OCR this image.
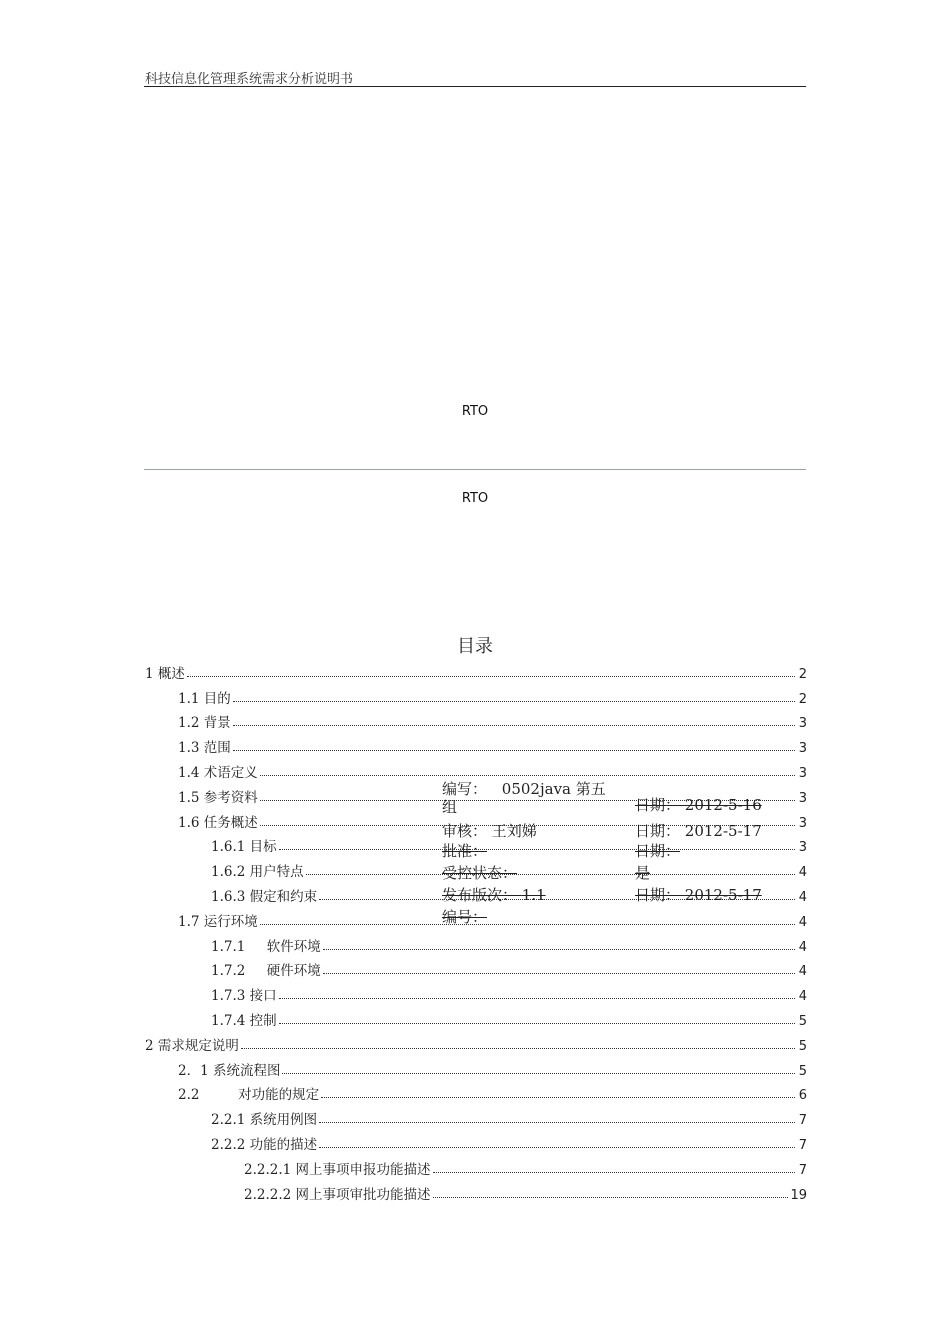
科技信息化管理系统需求分析说明书
RTO
RTO
目录
1 概述	2
1.1 目的	2
1.2 背景	3
1.3 范围	3
1.4 术语定义	3
1.5 参考资料	3
1.6 任务概述	3
1.6.1 目标	3
1.6.2 用户特点	4
1.6.3 假定和约束	4
1.7 运行环境	4
1.7.1     软件环境	4
1.7.2     硬件环境	4
1.7.3 接口	4
1.7.4 控制	5
2 需求规定说明	5
2．1 系统流程图	5
2.2         对功能的规定	6
2.2.1 系统用例图	7
2.2.2 功能的描述	7
2.2.2.1 网上事项申报功能描述	7
2.2.2.2 网上事项审批功能描述	19
编写： 0502java 第五
组	日期： 2012-5-16
审核： 王刘娣	日期： 2012-5-17
批准：	日期：
受控状态：	是
发布版次： 1.1	日期： 2012-5-17
编号：
